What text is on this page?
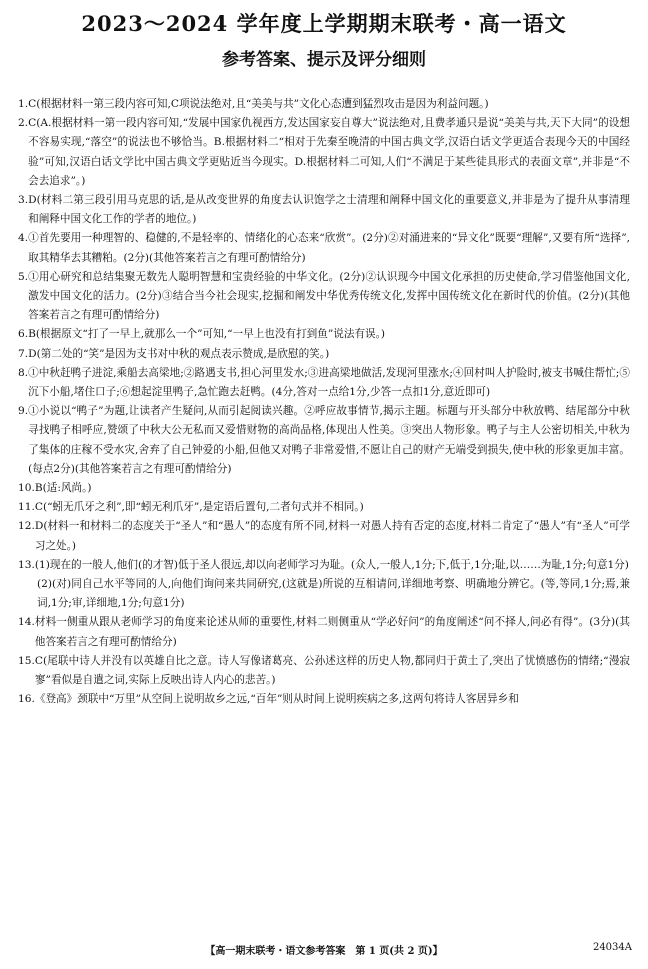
2023～2024 学年度上学期期末联考・高一语文
参考答案、提示及评分细则
1. C(根据材料一第三段内容可知,C项说法绝对,且“美美与共”文化心态遭到猛烈攻击是因为利益问题。)
2. C(A.根据材料一第一段内容可知,“发展中国家仇视西方,发达国家妄自尊大”说法绝对,且费孝通只是说“美美与共,天下大同”的设想不容易实现,“落空”的说法也不够恰当。B.根据材料二“相对于先秦至晚清的中国古典文学,汉语白话文学更适合表现今天的中国经验”可知,汉语白话文学比中国古典文学更贴近当今现实。D.根据材料二可知,人们“不满足于某些徒具形式的表面文章”,并非是“不会去追求”。)
3. D(材料二第三段引用马克思的话,是从改变世界的角度去认识饱学之士清理和阐释中国文化的重要意义,并非是为了提升从事清理和阐释中国文化工作的学者的地位。)
4. ①首先要用一种理智的、稳健的,不是轻率的、情绪化的心态来“欣赏”。(2分)②对涌进来的“异文化”既要“理解”,又要有所“选择”,取其精华去其糟粕。(2分)(其他答案若言之有理可酌情给分)
5. ①用心研究和总结集聚无数先人聪明智慧和宝贵经验的中华文化。(2分)②认识现今中国文化承担的历史使命,学习借鉴他国文化,激发中国文化的活力。(2分)③结合当今社会现实,挖掘和阐发中华优秀传统文化,发挥中国传统文化在新时代的价值。(2分)(其他答案若言之有理可酌情给分)
6. B(根据原文“打了一早上,就那么一个”可知,“一早上也没有打到鱼”说法有误。)
7. D(第二处的“笑”是因为支书对中秋的观点表示赞成,是欣慰的笑。)
8. ①中秋赶鸭子进淀,乘船去高梁地;②路遇支书,担心河里发水;③进高梁地做活,发现河里涨水;④回村叫人护险时,被支书喊住帮忙;⑤沉下小船,堵住口子;⑥想起淀里鸭子,急忙跑去赶鸭。(4分,答对一点给1分,少答一点扣1分,意近即可)
9. ①小说以“鸭子”为题,让读者产生疑问,从而引起阅读兴趣。②呼应故事情节,揭示主题。标题与开头部分中秋放鸭、结尾部分中秋寻找鸭子相呼应,赞颂了中秋大公无私而又爱惜财物的高尚品格,体现出人性美。③突出人物形象。鸭子与主人公密切相关,中秋为了集体的庄稼不受水灾,舍弃了自己钟爱的小船,但他又对鸭子非常爱惜,不愿让自己的财产无端受到损失,使中秋的形象更加丰富。(每点2分)(其他答案若言之有理可酌情给分)
10. B(适:风尚。)
11. C(“蚓无爪牙之利”,即“蚓无利爪牙”,是定语后置句,二者句式并不相同。)
12. D(材料一和材料二的态度关于“圣人”和“愚人”的态度有所不同,材料一对愚人持有否定的态度,材料二肯定了“愚人”有“圣人”可学习之处。)
13. (1)现在的一般人,他们(的才智)低于圣人很远,却以向老师学习为耻。(众人,一般人,1分;下,低于,1分;耻,以……为耻,1分;句意1分)
(2)(对)同自己水平等同的人,向他们询问来共同研究,(这就是)所说的互相请问,详细地考察、明确地分辨它。(等,等同,1分;焉,兼词,1分;审,详细地,1分;句意1分)
14. 材料一侧重从跟从老师学习的角度来论述从师的重要性,材料二则侧重从“学必好问”的角度阐述“问不择人,问必有得”。(3分)(其他答案若言之有理可酌情给分)
15. C(尾联中诗人并没有以英雄自比之意。诗人写像诸葛亮、公孙述这样的历史人物,都同归于黄土了,突出了忧愤感伤的情绪;“漫寂寥”看似是自遣之词,实际上反映出诗人内心的悲苦。)
16. 《登高》颈联中“万里”从空间上说明故乡之远,“百年”则从时间上说明疾病之多,这两句将诗人客居异乡和
【高一期末联考・语文参考答案　第 1 页(共 2 页)】	24034A
